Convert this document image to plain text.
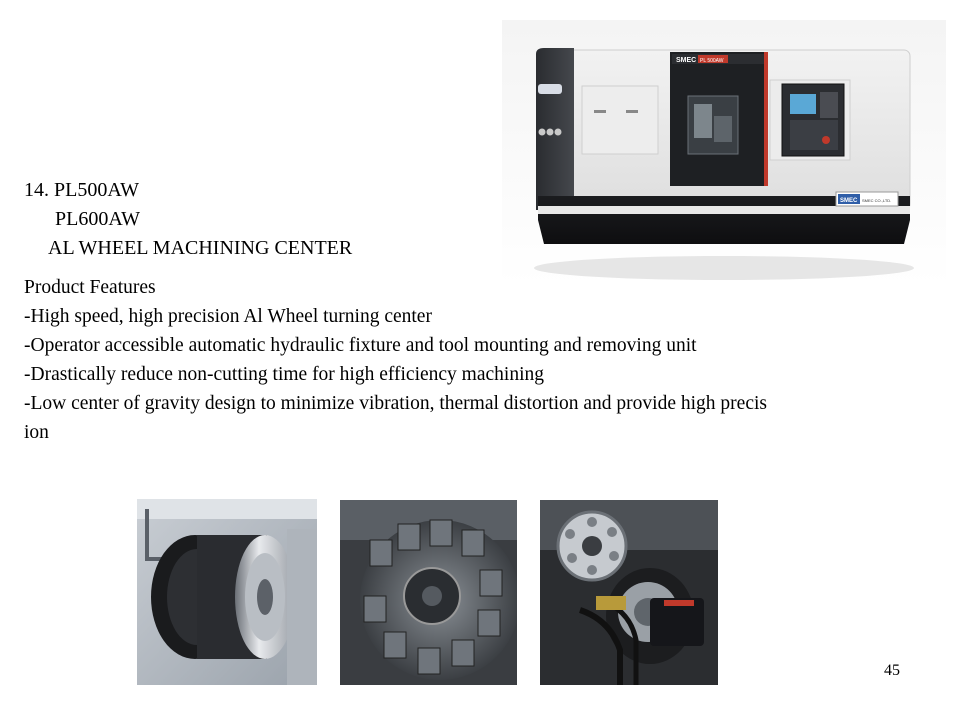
14. PL500AW
PL600AW
AL WHEEL MACHINING CENTER
Product Features
-High speed, high precision Al Wheel turning center
-Operator accessible automatic hydraulic fixture and tool mounting and removing unit
-Drastically reduce non-cutting time for high efficiency machining
-Low center of gravity design to minimize vibration, thermal distortion and provide high precis
ion
SMEC PL 500AW
SMEC SMEC CO.,LTD.
45
